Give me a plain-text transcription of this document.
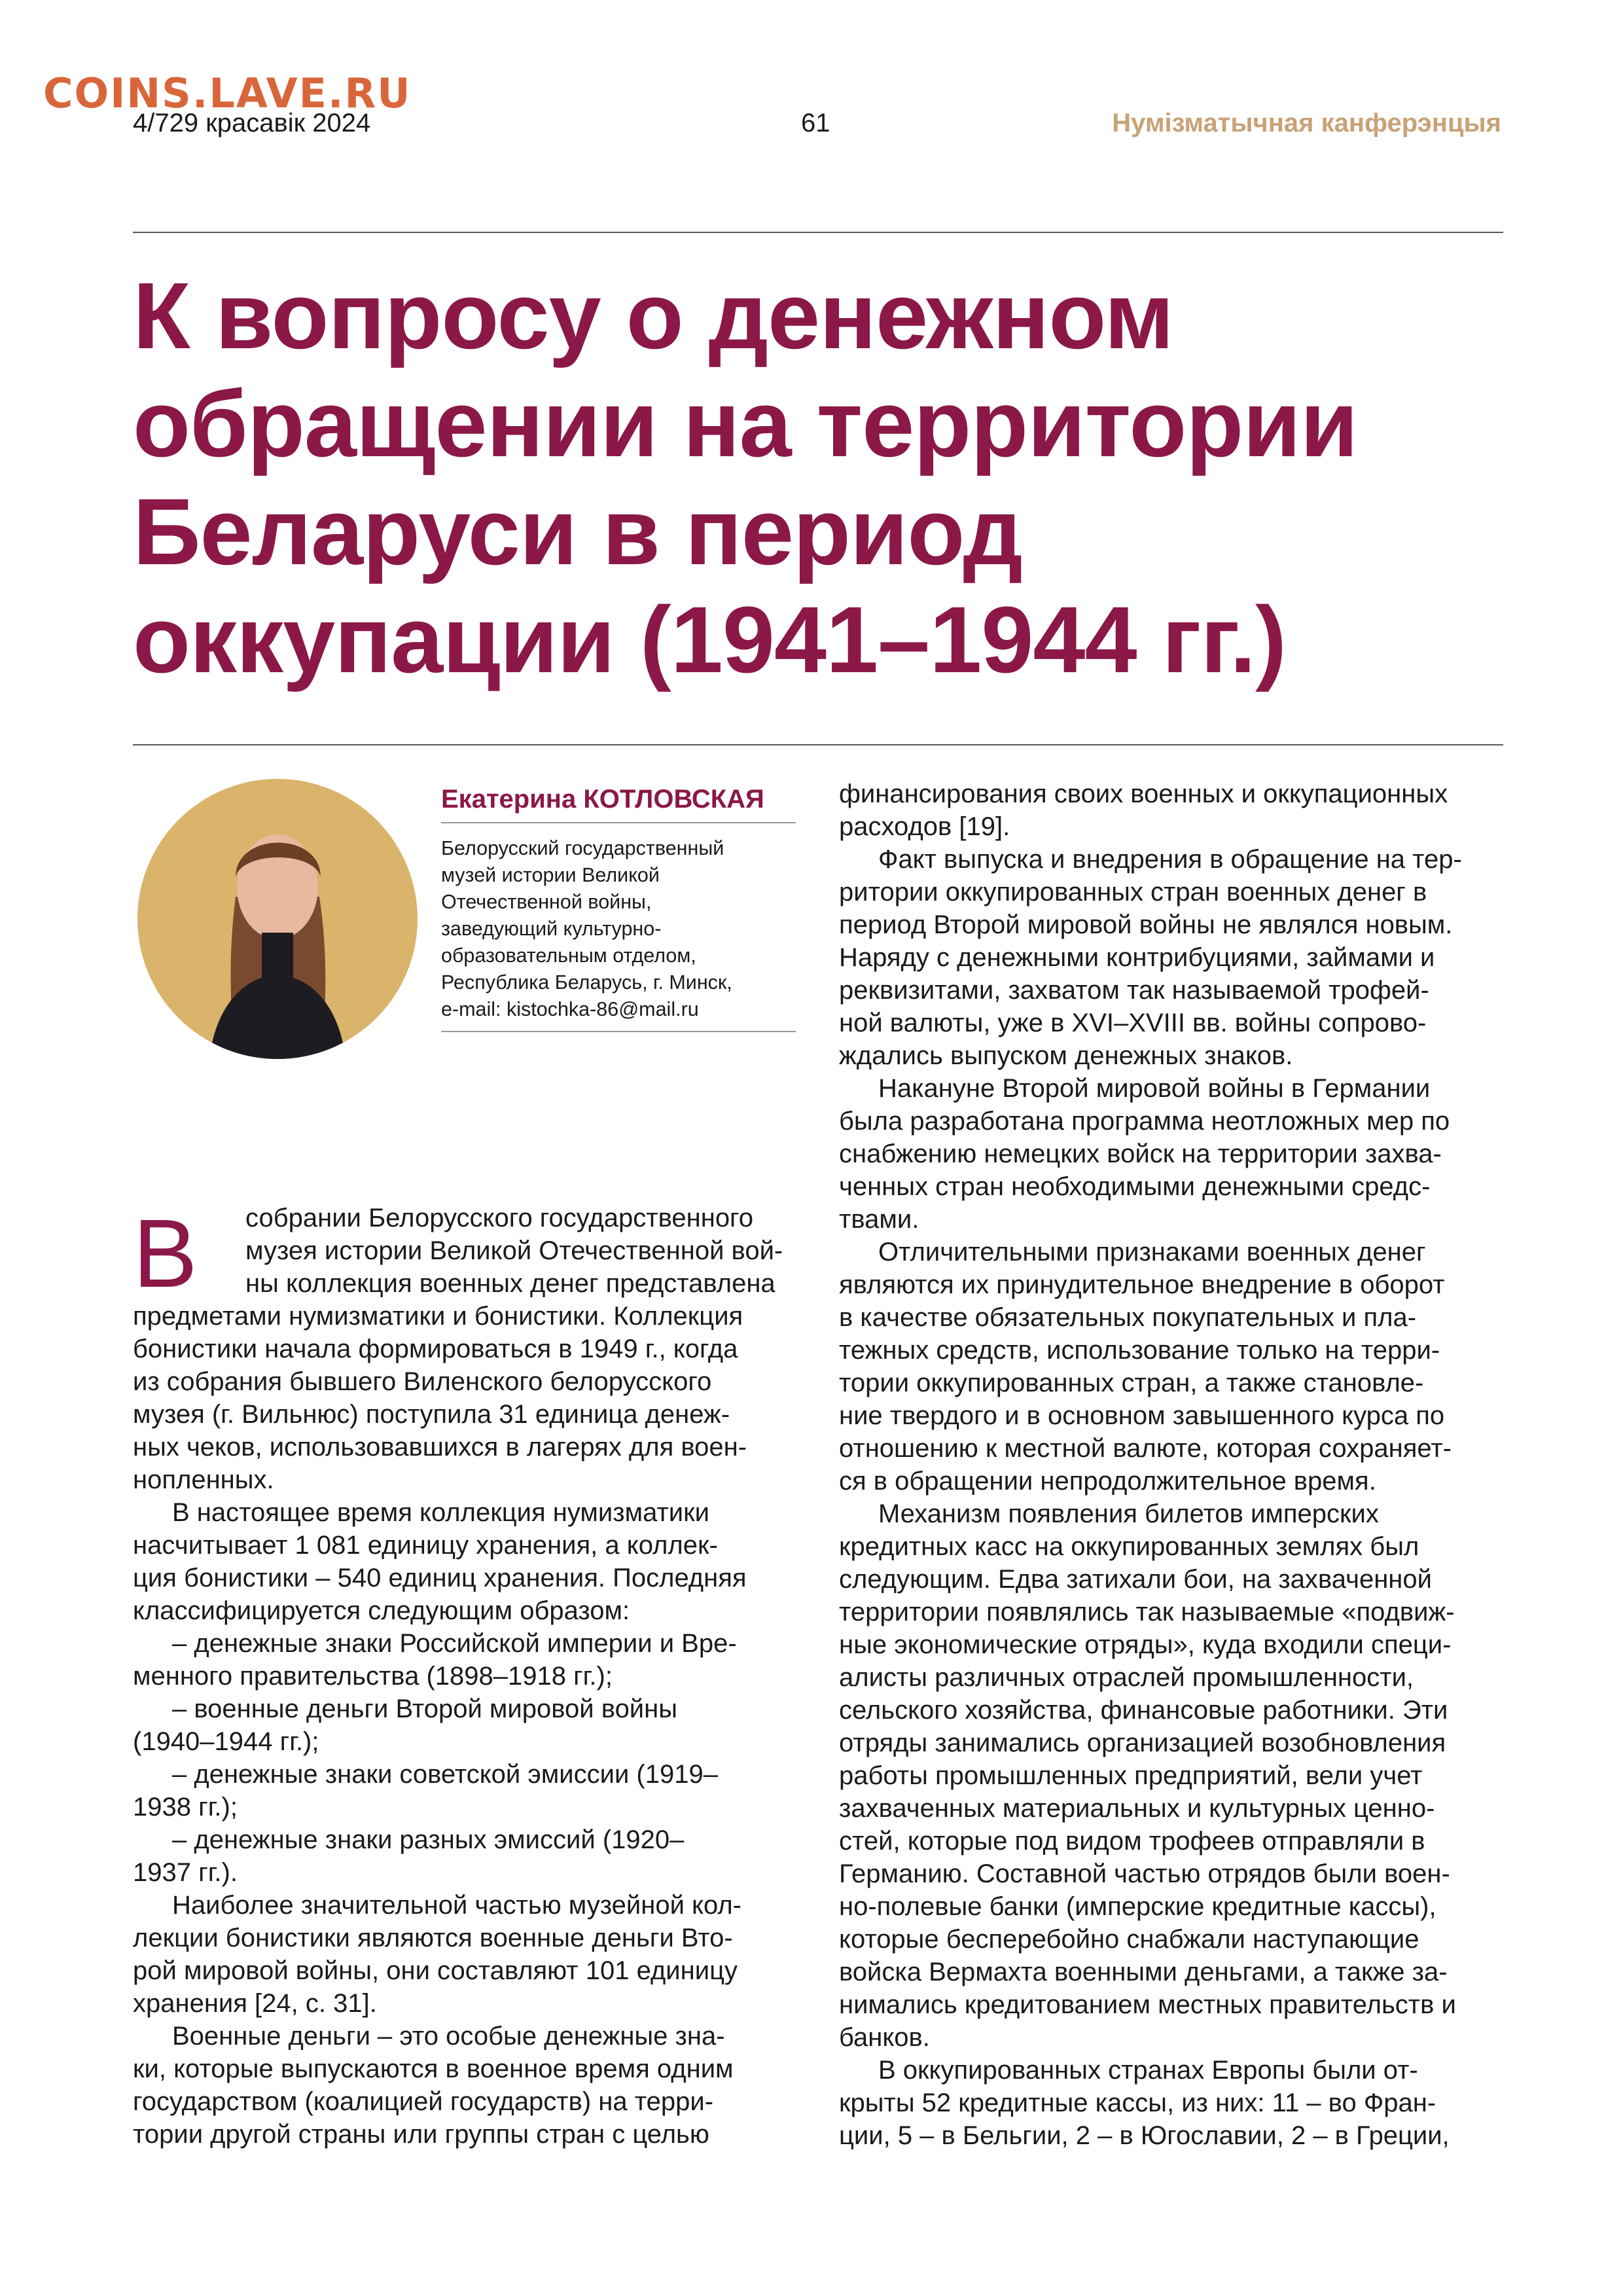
COINS.LAVE.RU
4/729 красавік 2024	61	Нумізматычная канферэнцыя
К вопросу о денежном
обращении на территории
Беларуси в период
оккупации (1941–1944 гг.)
Екатерина КОТЛОВСКАЯ
Белорусский государственный
музей истории Великой
Отечественной войны,
заведующий культурно-
образовательным отделом,
Республика Беларусь, г. Минск,
e-mail: kistochka-86@mail.ru
В	собрании Белорусского государственного
музея истории Великой Отечественной вой-
ны коллекция военных денег представлена
предметами нумизматики и бонистики. Коллекция
бонистики начала формироваться в 1949 г., когда
из собрания бывшего Виленского белорусского
музея (г. Вильнюс) поступила 31 единица денеж-
ных чеков, использовавшихся в лагерях для воен-
нопленных.
В настоящее время коллекция нумизматики
насчитывает 1 081 единицу хранения, а коллек-
ция бонистики – 540 единиц хранения. Последняя
классифицируется следующим образом:
– денежные знаки Российской империи и Вре-
менного правительства (1898–1918 гг.);
– военные деньги Второй мировой войны
(1940–1944 гг.);
– денежные знаки советской эмиссии (1919–
1938 гг.);
– денежные знаки разных эмиссий (1920–
1937 гг.).
Наиболее значительной частью музейной кол-
лекции бонистики являются военные деньги Вто-
рой мировой войны, они составляют 101 единицу
хранения [24, с. 31].
Военные деньги – это особые денежные зна-
ки, которые выпускаются в военное время одним
государством (коалицией государств) на терри-
тории другой страны или группы стран с целью
финансирования своих военных и оккупационных
расходов [19].
Факт выпуска и внедрения в обращение на тер-
ритории оккупированных стран военных денег в
период Второй мировой войны не являлся новым.
Наряду с денежными контрибуциями, займами и
реквизитами, захватом так называемой трофей-
ной валюты, уже в XVI–XVIII вв. войны сопрово-
ждались выпуском денежных знаков.
Накануне Второй мировой войны в Германии
была разработана программа неотложных мер по
снабжению немецких войск на территории захва-
ченных стран необходимыми денежными средс-
твами.
Отличительными признаками военных денег
являются их принудительное внедрение в оборот
в качестве обязательных покупательных и пла-
тежных средств, использование только на терри-
тории оккупированных стран, а также становле-
ние твердого и в основном завышенного курса по
отношению к местной валюте, которая сохраняет-
ся в обращении непродолжительное время.
Механизм появления билетов имперских
кредитных касс на оккупированных землях был
следующим. Едва затихали бои, на захваченной
территории появлялись так называемые «подвиж-
ные экономические отряды», куда входили специ-
алисты различных отраслей промышленности,
сельского хозяйства, финансовые работники. Эти
отряды занимались организацией возобновления
работы промышленных предприятий, вели учет
захваченных материальных и культурных ценно-
стей, которые под видом трофеев отправляли в
Германию. Составной частью отрядов были воен-
но-полевые банки (имперские кредитные кассы),
которые бесперебойно снабжали наступающие
войска Вермахта военными деньгами, а также за-
нимались кредитованием местных правительств и
банков.
В оккупированных странах Европы были от-
крыты 52 кредитные кассы, из них: 11 – во Фран-
ции, 5 – в Бельгии, 2 – в Югославии, 2 – в Греции,
